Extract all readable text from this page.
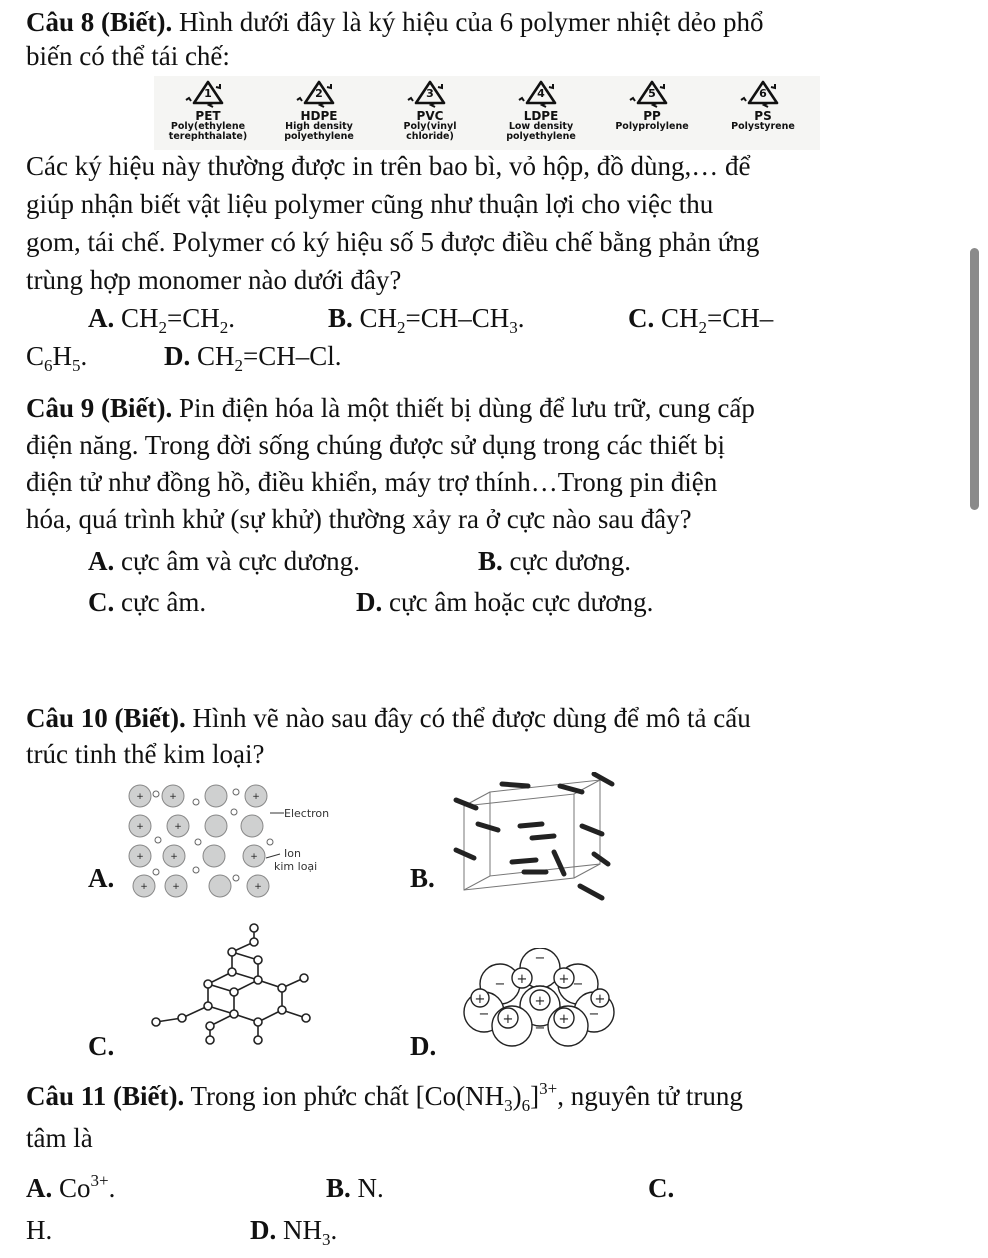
Câu 8 (Biết). Hình dưới đây là ký hiệu của 6 polymer nhiệt dẻo phổ
biến có thể tái chế:
1
PET
Poly(ethylene
terephthalate)
2
HDPE
High density
polyethylene
3
PVC
Poly(vinyl
chloride)
4
LDPE
Low density
polyethylene
5
PP
Polyprolylene

6
PS
Polystyrene

Các ký hiệu này thường được in trên bao bì, vỏ hộp, đồ dùng,… để
giúp nhận biết vật liệu polymer cũng như thuận lợi cho việc thu
gom, tái chế. Polymer có ký hiệu số 5 được điều chế bằng phản ứng
trùng hợp monomer nào dưới đây?
A. $CH_2=CH_2$.	B. $CH_2=CH-CH_3$.	C. $CH_2=CH-$
$C_6H_5$.	D. $CH_2=CH-Cl$.
Câu 9 (Biết). Pin điện hóa là một thiết bị dùng để lưu trữ, cung cấp
điện năng. Trong đời sống chúng được sử dụng trong các thiết bị
điện tử như đồng hồ, điều khiển, máy trợ thính…Trong pin điện
hóa, quá trình khử (sự khử) thường xảy ra ở cực nào sau đây?
A. cực âm và cực dương.	B. cực dương.
C. cực âm.	D. cực âm hoặc cực dương.
Câu 10 (Biết). Hình vẽ nào sau đây có thể được dùng để mô tả cấu
trúc tinh thể kim loại?
+	+	+
+	+
+	+	+
+	+	+
Electron
Ion
kim loại
A.	B.
C.
+ +
+	+
+
+	+
−
−	−
−	−
−
−
D.
Câu 11 (Biết). Trong ion phức chất $[Co(NH_3)_6]^{3+}$, nguyên tử trung
tâm là
A. $Co^{3+}$.	B. N.	C.
H.	D. $NH_3$.
